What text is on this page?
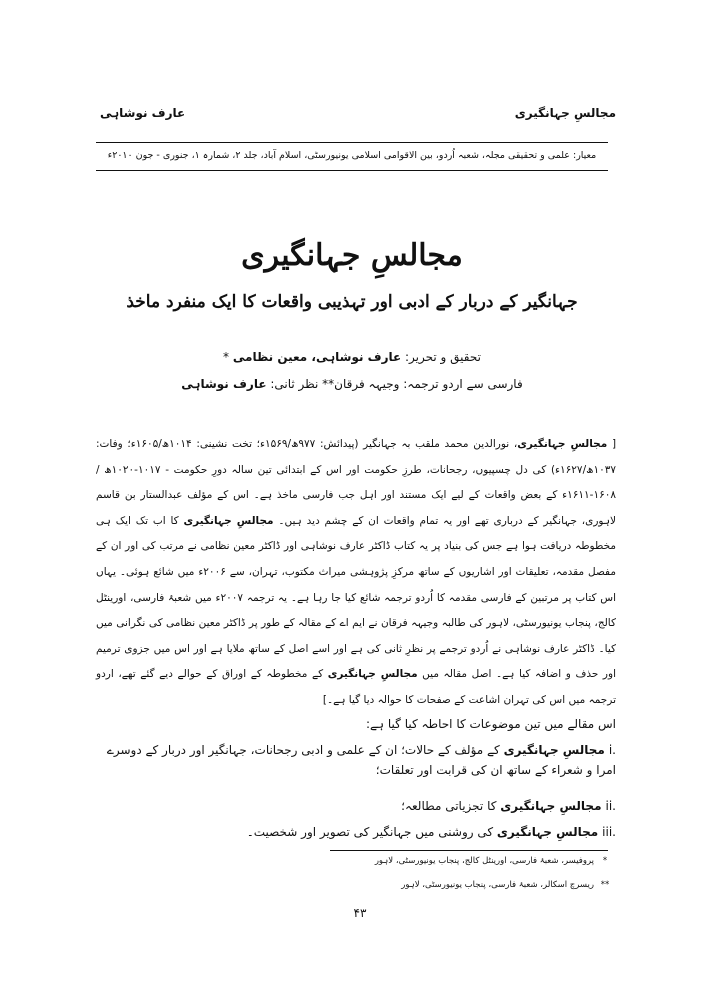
عارف نوشاہی	مجالسِ جہانگیری
معیار: علمی و تحقیقی مجلہ، شعبہ اُردو، بین الاقوامی اسلامی یونیورسٹی، اسلام آباد، جلد ۲، شمارہ ۱، جنوری - جون ۲۰۱۰ء
مجالسِ جہانگیری
جہانگیر کے دربار کے ادبی اور تہذیبی واقعات کا ایک منفرد ماخذ
تحقیق و تحریر: عارف نوشاہی، معین نظامی *
فارسی سے اردو ترجمہ: وجیہہ فرقان** نظر ثانی: عارف نوشاہی

[ مجالسِ جہانگیری، نورالدین محمد ملقب بہ جہانگیر (پیدائش: ۹۷۷ھ/۱۵۶۹ء؛ تخت نشینی: ۱۰۱۴ھ/۱۶۰۵ء؛ وفات: ۱۰۳۷ھ/۱۶۲۷ء) کی دل چسپیوں، رجحانات، طرزِ حکومت اور اس کے ابتدائی تین سالہ دورِ حکومت - ۱۰۱۷-۱۰۲۰ھ / ۱۶۰۸-۱۶۱۱ء کے بعض واقعات کے لیے ایک مستند اور اہل جب فارسی ماخذ ہے۔ اس کے مؤلف عبدالستار بن قاسم لاہوری، جہانگیر کے درباری تھے اور یہ تمام واقعات ان کے چشم دید ہیں۔ مجالسِ جہانگیری کا اب تک ایک ہی مخطوطہ دریافت ہوا ہے جس کی بنیاد پر یہ کتاب ڈاکٹر عارف نوشاہی اور ڈاکٹر معین نظامی نے مرتب کی اور ان کے مفصل مقدمہ، تعلیقات اور اشاریوں کے ساتھ مرکزِ پژوہشی میراث مکتوب، تہران، سے ۲۰۰۶ء میں شائع ہوئی۔ یہاں اس کتاب پر مرتبین کے فارسی مقدمہ کا اُردو ترجمہ شائع کیا جا رہا ہے۔ یہ ترجمہ ۲۰۰۷ء میں شعبۂ فارسی، اورینٹل کالج، پنجاب یونیورسٹی، لاہور کی طالبہ وجیہہ فرقان نے ایم اے کے مقالہ کے طور پر ڈاکٹر معین نظامی کی نگرانی میں کیا۔ ڈاکٹر عارف نوشاہی نے اُردو ترجمے پر نظرِ ثانی کی ہے اور اسے اصل کے ساتھ ملایا ہے اور اس میں جزوی ترمیم اور حذف و اضافہ کیا ہے۔ اصل مقالہ میں مجالسِ جہانگیری کے مخطوطہ کے اوراق کے حوالے دیے گئے تھے، اردو ترجمہ میں اس کی تہران اشاعت کے صفحات کا حوالہ دیا گیا ہے۔]

اس مقالے میں تین موضوعات کا احاطہ کیا گیا ہے:

i.مجالسِ جہانگیری کے مؤلف کے حالات؛ ان کے علمی و ادبی رجحانات، جہانگیر اور دربار کے دوسرے امرا و شعراء کے ساتھ ان کی قرابت اور تعلقات؛

ii.مجالسِ جہانگیری کا تجزیاتی مطالعہ؛

iii.مجالسِ جہانگیری کی روشنی میں جہانگیر کی تصویر اور شخصیت۔

*پروفیسر، شعبۂ فارسی، اورینٹل کالج، پنجاب یونیورسٹی، لاہور
**ریسرچ اسکالر، شعبۂ فارسی، پنجاب یونیورسٹی، لاہور
۴۳
